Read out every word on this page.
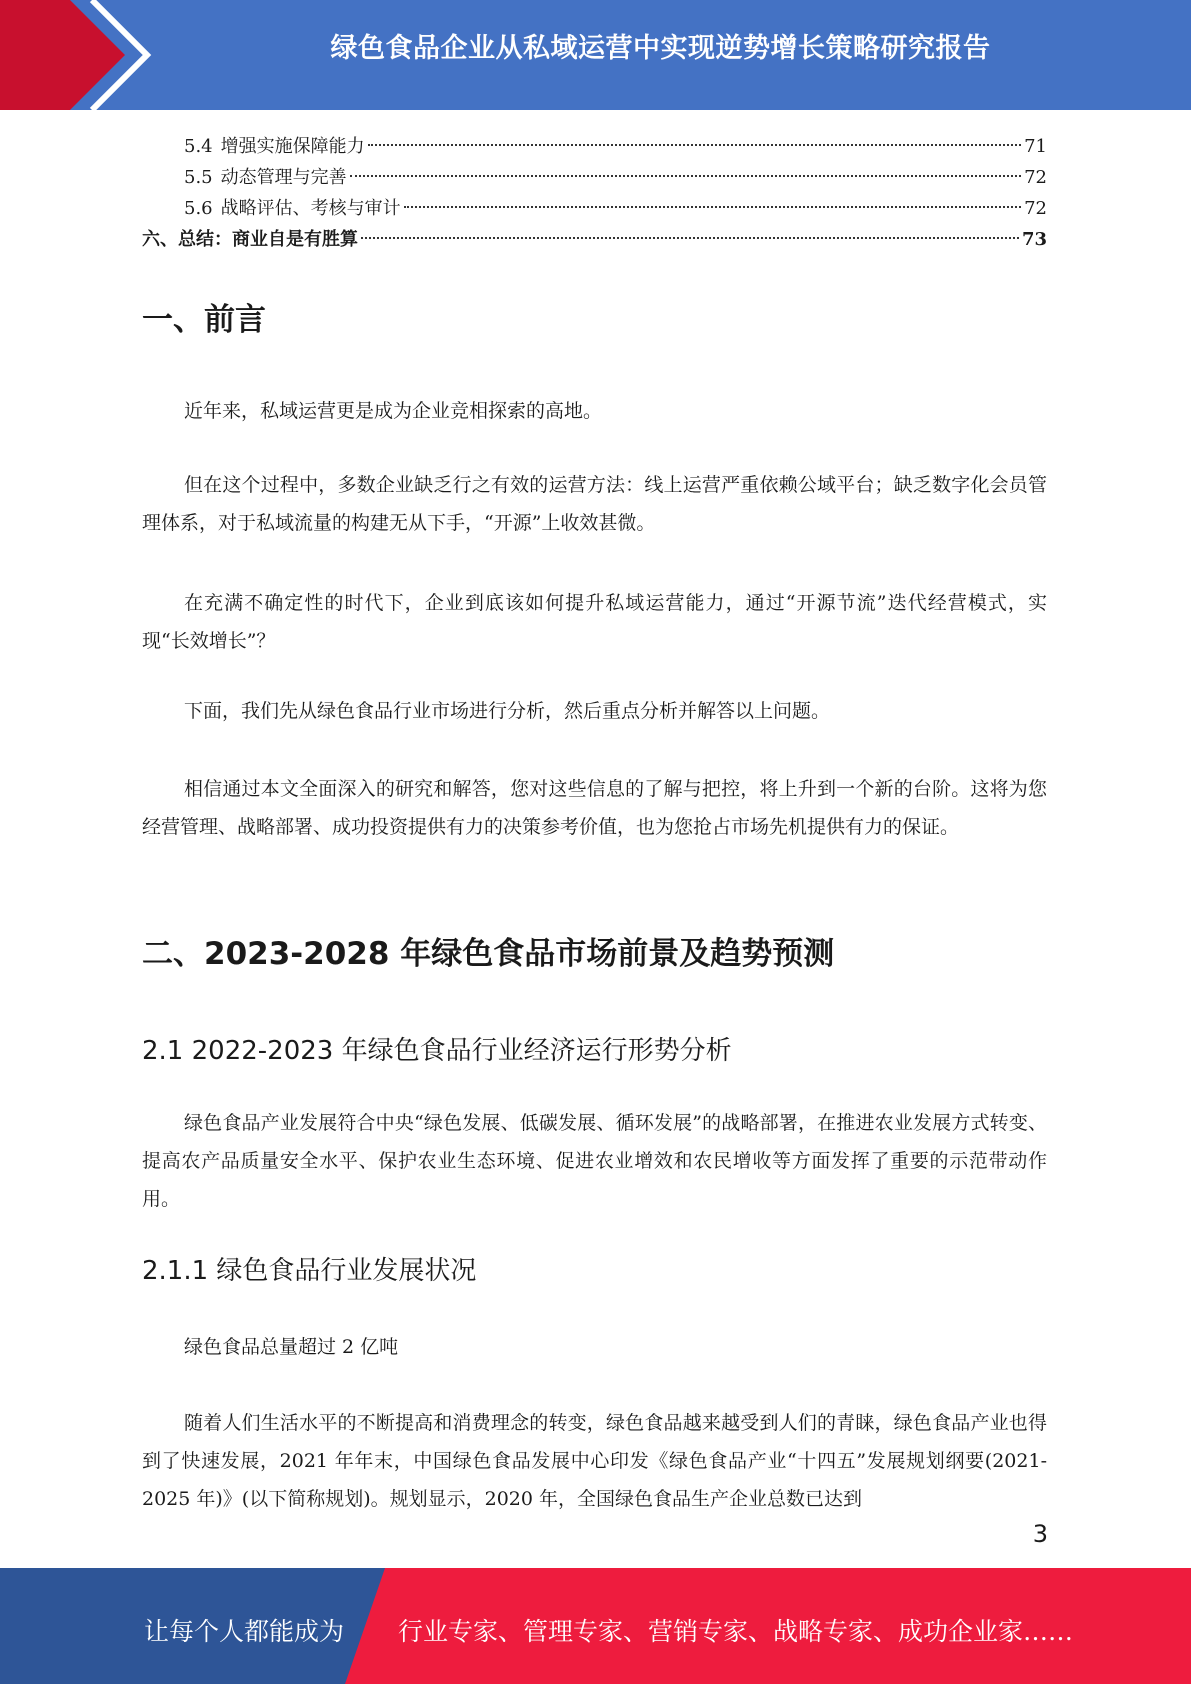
绿色食品企业从私域运营中实现逆势增长策略研究报告
5.4 增强实施保障能力	71
5.5 动态管理与完善	72
5.6 战略评估、考核与审计	72
六、总结：商业自是有胜算	73
一、前言

近年来，私域运营更是成为企业竞相探索的高地。

但在这个过程中，多数企业缺乏行之有效的运营方法：线上运营严重依赖公域平台；缺乏数字化会员管理体系，对于私域流量的构建无从下手，“开源”上收效甚微。

在充满不确定性的时代下，企业到底该如何提升私域运营能力，通过“开源节流”迭代经营模式，实现“长效增长”？

下面，我们先从绿色食品行业市场进行分析，然后重点分析并解答以上问题。

相信通过本文全面深入的研究和解答，您对这些信息的了解与把控，将上升到一个新的台阶。这将为您经营管理、战略部署、成功投资提供有力的决策参考价值，也为您抢占市场先机提供有力的保证。

二、2023-2028 年绿色食品市场前景及趋势预测
2.1 2022-2023 年绿色食品行业经济运行形势分析

绿色食品产业发展符合中央“绿色发展、低碳发展、循环发展”的战略部署，在推进农业发展方式转变、提高农产品质量安全水平、保护农业生态环境、促进农业增效和农民增收等方面发挥了重要的示范带动作用。

2.1.1 绿色食品行业发展状况

绿色食品总量超过 2 亿吨

随着人们生活水平的不断提高和消费理念的转变，绿色食品越来越受到人们的青睐，绿色食品产业也得到了快速发展，2021 年年末，中国绿色食品发展中心印发《绿色食品产业“十四五”发展规划纲要(2021-2025 年)》(以下简称规划)。规划显示，2020 年，全国绿色食品生产企业总数已达到

3
让每个人都能成为 行业专家、管理专家、营销专家、战略专家、成功企业家……
